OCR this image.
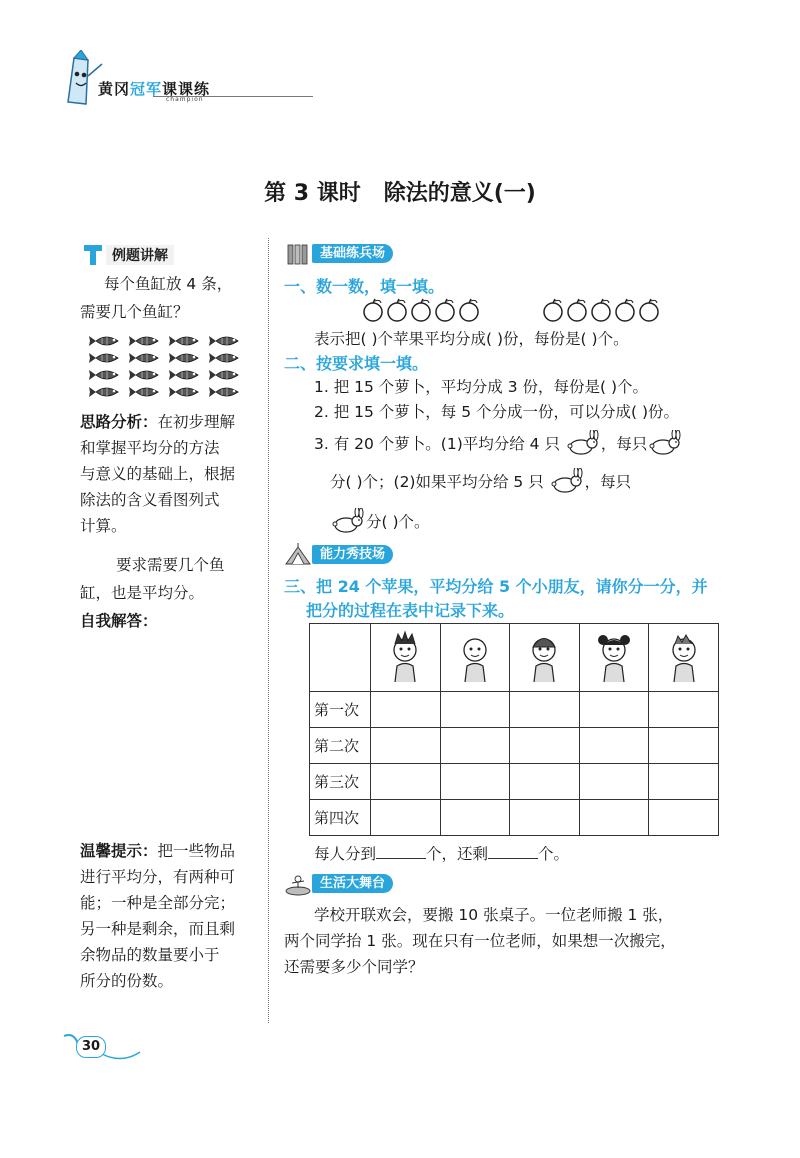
黄冈冠军课课练
champion
第 3 课时   除法的意义(一)
例题讲解
每个鱼缸放 4 条，
需要几个鱼缸？
思路分析：在初步理解
和掌握平均分的方法
与意义的基础上，根据
除法的含义看图列式
计算。
要求需要几个鱼
缸，也是平均分。
自我解答：
温馨提示：把一些物品
进行平均分，有两种可
能；一种是全部分完；
另一种是剩余，而且剩
余物品的数量要小于
所分的份数。
基础练兵场
一、数一数，填一填。
表示把( )个苹果平均分成( )份，每份是( )个。
二、按要求填一填。
1. 把 15 个萝卜，平均分成 3 份，每份是( )个。
2. 把 15 个萝卜，每 5 个分成一份，可以分成( )份。
3. 有 20 个萝卜。(1)平均分给 4 只	，每只
分( )个；(2)如果平均分给 5 只	，每只
分( )个。
能力秀技场
三、把 24 个苹果，平均分给 5 个小朋友，请你分一分，并
把分的过程在表中记录下来。

第一次					
第二次					
第三次					
第四次					
每人分到	个，还剩	个。
生活大舞台
学校开联欢会，要搬 10 张桌子。一位老师搬 1 张，
两个同学抬 1 张。现在只有一位老师，如果想一次搬完，
还需要多少个同学？
30
